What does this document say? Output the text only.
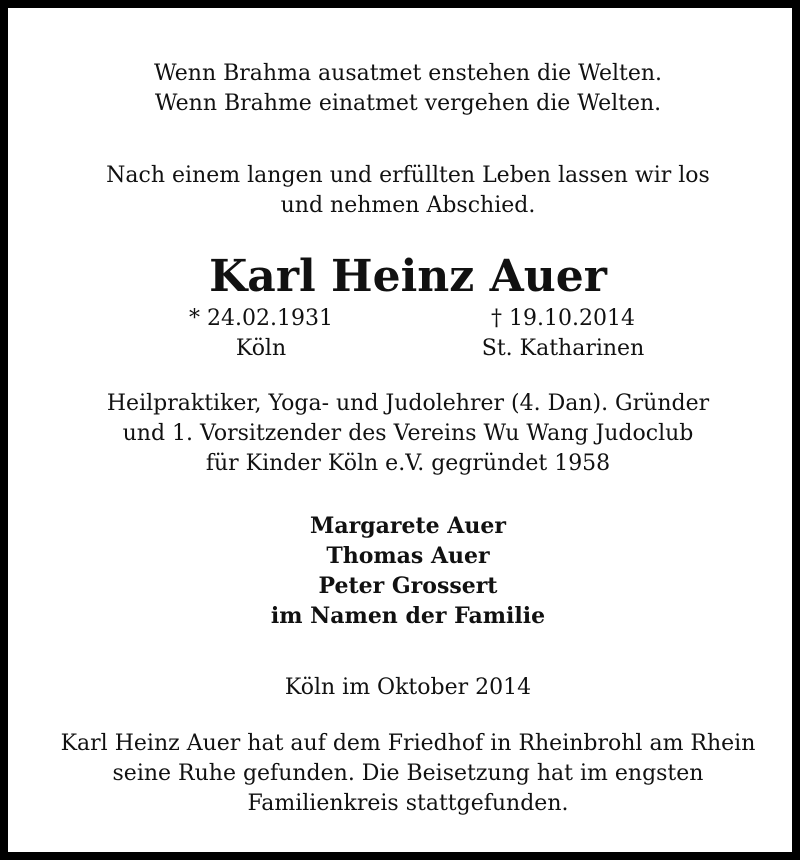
Wenn Brahma ausatmet enstehen die Welten.
Wenn Brahme einatmet vergehen die Welten.
Nach einem langen und erfüllten Leben lassen wir los
und nehmen Abschied.
Karl Heinz Auer
* 24.02.1931
Köln
† 19.10.2014
St. Katharinen
Heilpraktiker, Yoga- und Judolehrer (4. Dan). Gründer
und 1. Vorsitzender des Vereins Wu Wang Judoclub
für Kinder Köln e.V. gegründet 1958
Margarete Auer
Thomas Auer
Peter Grossert
im Namen der Familie
Köln im Oktober 2014
Karl Heinz Auer hat auf dem Friedhof in Rheinbrohl am Rhein
seine Ruhe gefunden. Die Beisetzung hat im engsten
Familienkreis stattgefunden.
